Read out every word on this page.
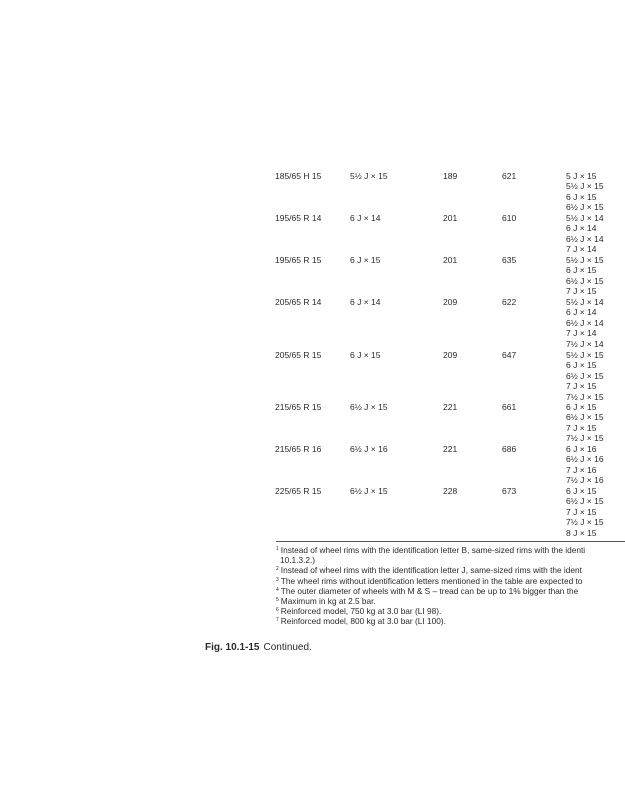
185/65 H 15	5½ J × 15	189	621	5 J × 15
5½ J × 15
6 J × 15
6½ J × 15
195/65 R 14	6 J × 14	201	610	5½ J × 14
6 J × 14
6½ J × 14
7 J × 14
195/65 R 15	6 J × 15	201	635	5½ J × 15
6 J × 15
6½ J × 15
7 J × 15
205/65 R 14	6 J × 14	209	622	5½ J × 14
6 J × 14
6½ J × 14
7 J × 14
7½ J × 14
205/65 R 15	6 J × 15	209	647	5½ J × 15
6 J × 15
6½ J × 15
7 J × 15
7½ J × 15
215/65 R 15	6½ J × 15	221	661	6 J × 15
6½ J × 15
7 J × 15
7½ J × 15
215/65 R 16	6½ J × 16	221	686	6 J × 16
6½ J × 16
7 J × 16
7½ J × 16
225/65 R 15	6½ J × 15	228	673	6 J × 15
6½ J × 15
7 J × 15
7½ J × 15
8 J × 15
$^1$ Instead of wheel rims with the identification letter B, same-sized rims with the identi
10.1.3.2.)
$^2$ Instead of wheel rims with the identification letter J, same-sized rims with the ident
$^3$ The wheel rims without identification letters mentioned in the table are expected to
$^4$ The outer diameter of wheels with M & S – tread can be up to 1% bigger than the
$^5$ Maximum in kg at 2.5 bar.
$^6$ Reinforced model, 750 kg at 3.0 bar (LI 98).
$^7$ Reinforced model, 800 kg at 3.0 bar (LI 100).
Fig. 10.1-15 Continued.
